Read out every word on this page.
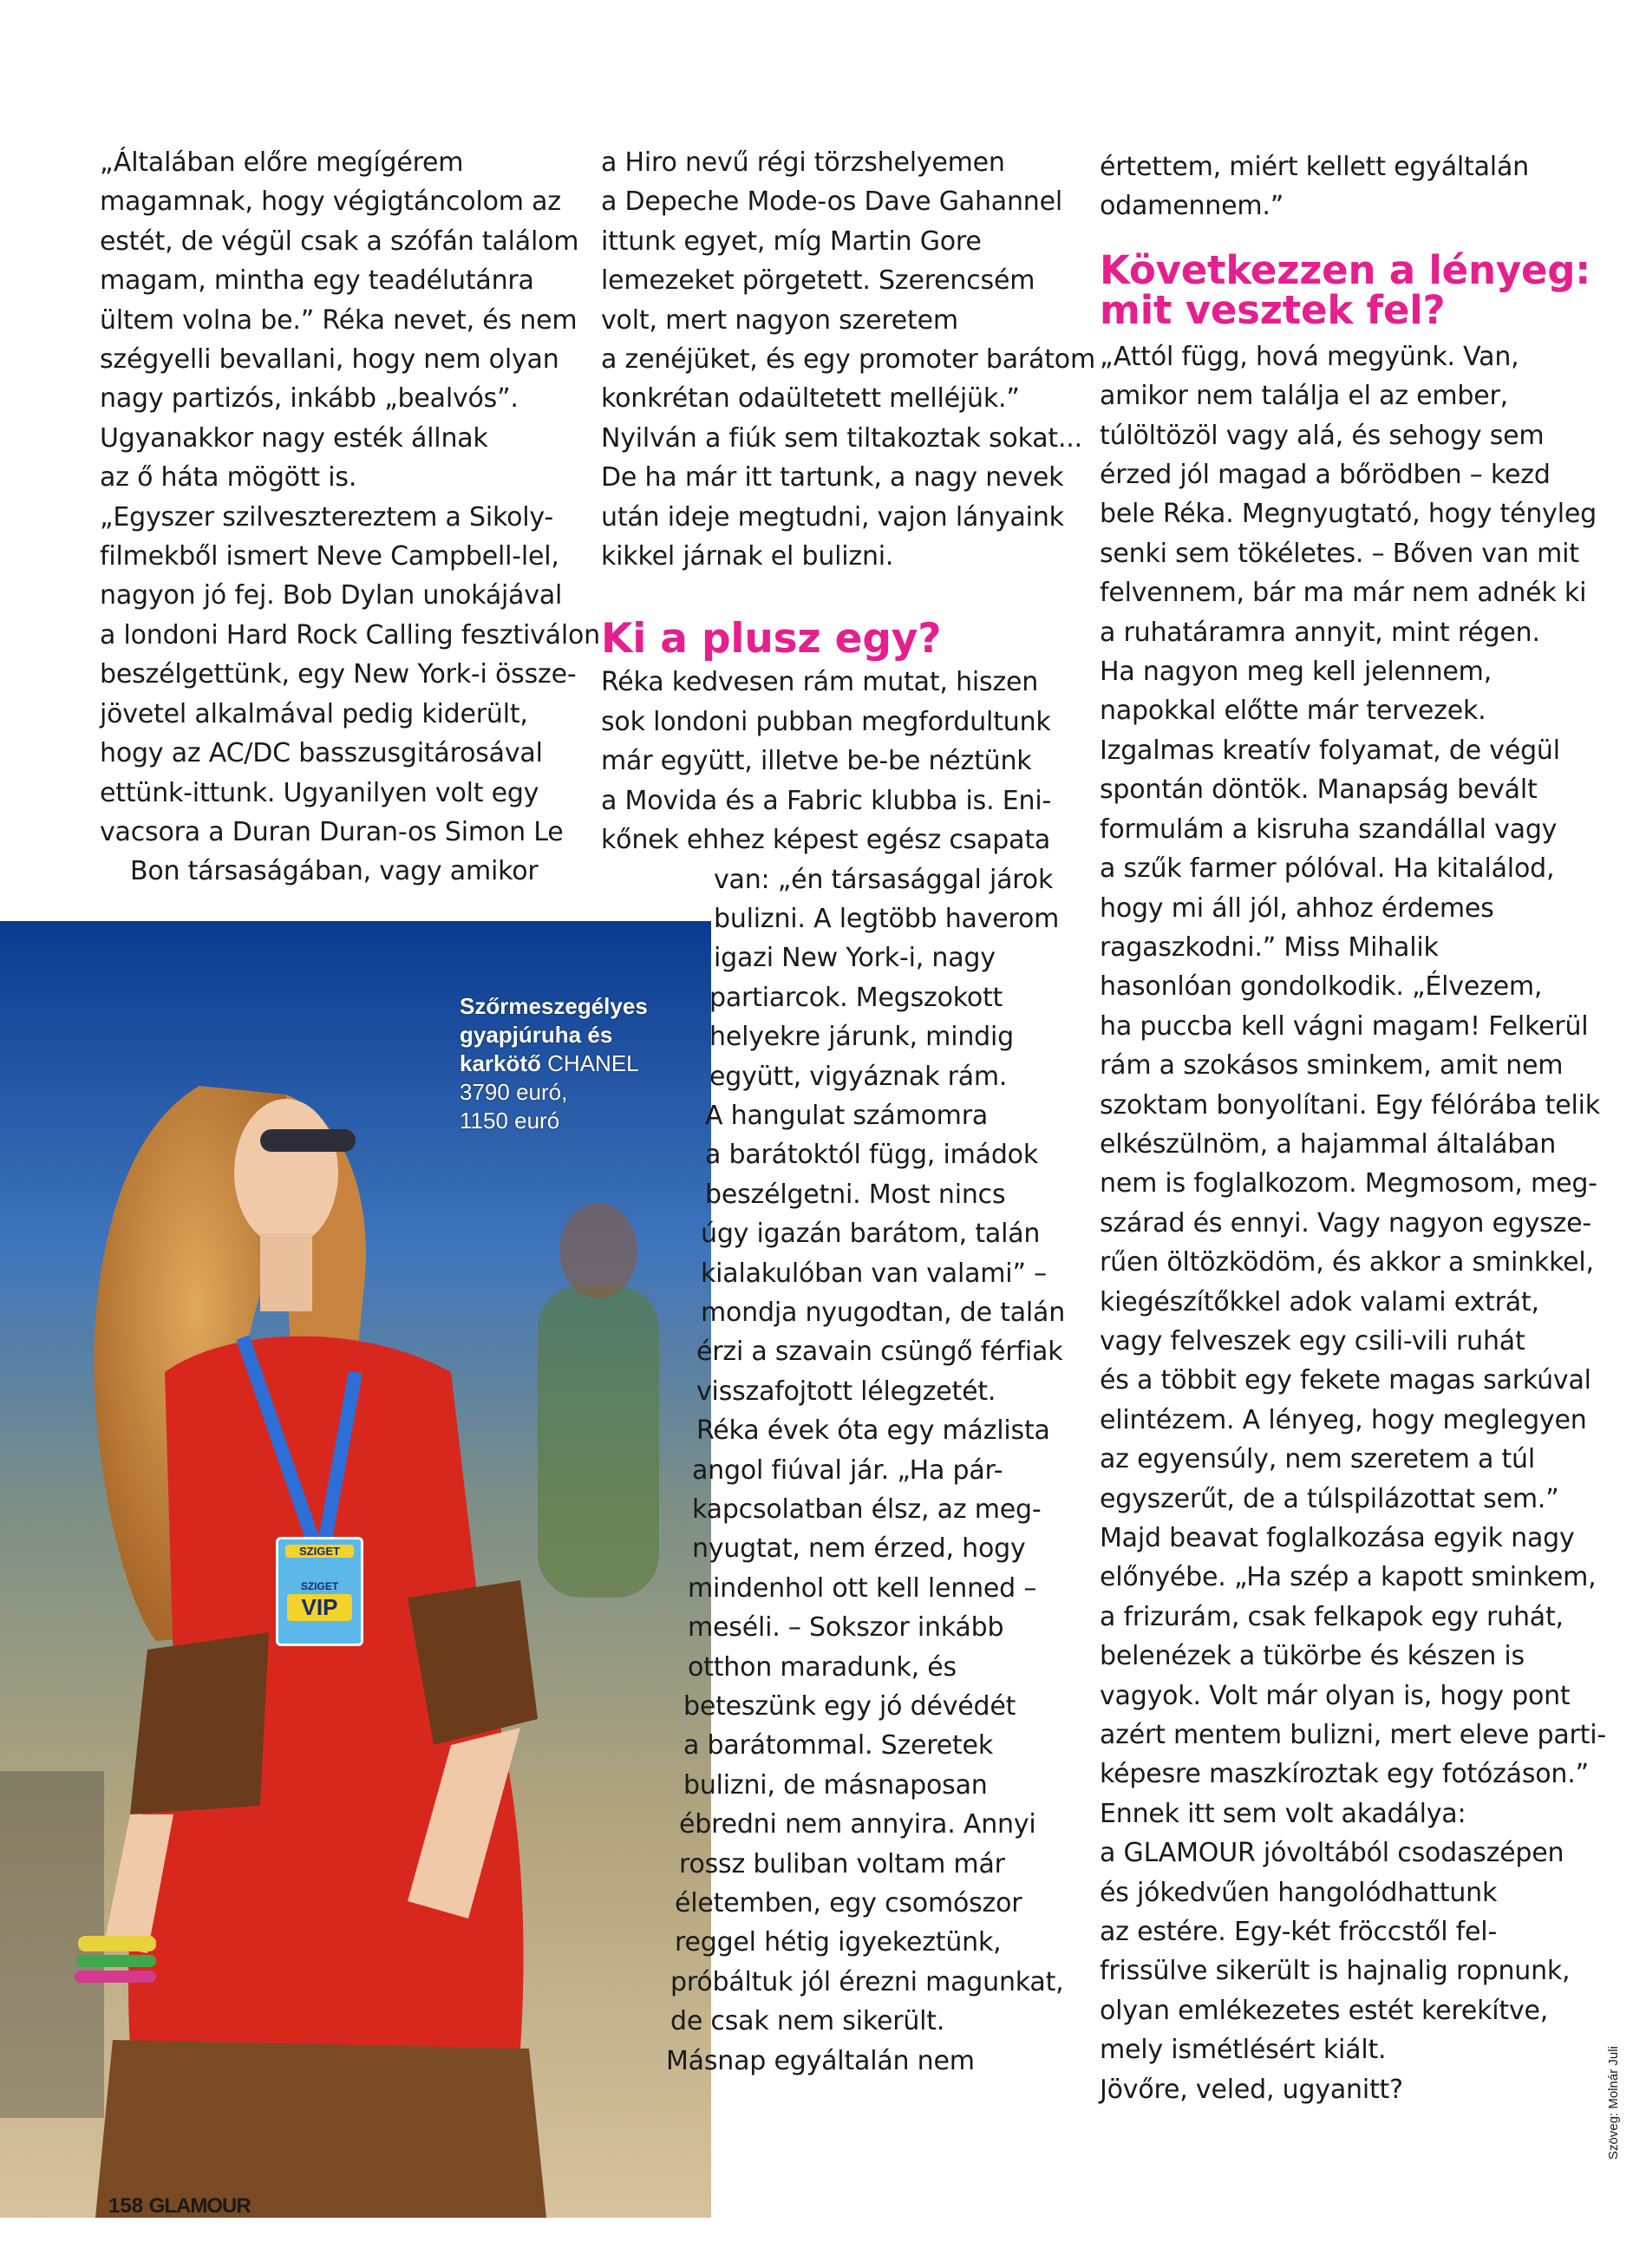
„Általában előre megígérem
magamnak, hogy végigtáncolom az
estét, de végül csak a szófán találom
magam, mintha egy teadélutánra
ültem volna be.” Réka nevet, és nem
szégyelli bevallani, hogy nem olyan
nagy partizós, inkább „bealvós”.
Ugyanakkor nagy esték állnak
az ő háta mögött is.
„Egyszer szilvesztereztem a Sikoly-
filmekből ismert Neve Campbell-lel,
nagyon jó fej. Bob Dylan unokájával
a londoni Hard Rock Calling fesztiválon
beszélgettünk, egy New York-i össze-
jövetel alkalmával pedig kiderült,
hogy az AC/DC basszusgitárosával
ettünk-ittunk. Ugyanilyen volt egy
vacsora a Duran Duran-os Simon Le
Bon társaságában, vagy amikor
SZIGET
SZIGET
VIP
Szőrmeszegélyes
gyapjúruha és
karkötő CHANEL
3790 euró,
1150 euró
a Hiro nevű régi törzshelyemen
a Depeche Mode-os Dave Gahannel
ittunk egyet, míg Martin Gore
lemezeket pörgetett. Szerencsém
volt, mert nagyon szeretem
a zenéjüket, és egy promoter barátom
konkrétan odaültetett melléjük.”
Nyilván a fiúk sem tiltakoztak sokat...
De ha már itt tartunk, a nagy nevek
után ideje megtudni, vajon lányaink
kikkel járnak el bulizni.
Ki a plusz egy?
Réka kedvesen rám mutat, hiszen
sok londoni pubban megfordultunk
már együtt, illetve be-be néztünk
a Movida és a Fabric klubba is. Eni-
kőnek ehhez képest egész csapata
van: „én társasággal járok
bulizni. A legtöbb haverom
igazi New York-i, nagy
partiarcok. Megszokott
helyekre járunk, mindig
együtt, vigyáznak rám.
A hangulat számomra
a barátoktól függ, imádok
beszélgetni. Most nincs
úgy igazán barátom, talán
kialakulóban van valami” –
mondja nyugodtan, de talán
érzi a szavain csüngő férfiak
visszafojtott lélegzetét.
Réka évek óta egy mázlista
angol fiúval jár. „Ha pár-
kapcsolatban élsz, az meg-
nyugtat, nem érzed, hogy
mindenhol ott kell lenned –
meséli. – Sokszor inkább
otthon maradunk, és
beteszünk egy jó dévédét
a barátommal. Szeretek
bulizni, de másnaposan
ébredni nem annyira. Annyi
rossz buliban voltam már
életemben, egy csomószor
reggel hétig igyekeztünk,
próbáltuk jól érezni magunkat,
de csak nem sikerült.
Másnap egyáltalán nem
értettem, miért kellett egyáltalán
odamennem.”
Következzen a lényeg:
mit vesztek fel?
„Attól függ, hová megyünk. Van,
amikor nem találja el az ember,
túlöltözöl vagy alá, és sehogy sem
érzed jól magad a bőrödben – kezd
bele Réka. Megnyugtató, hogy tényleg
senki sem tökéletes. – Bőven van mit
felvennem, bár ma már nem adnék ki
a ruhatáramra annyit, mint régen.
Ha nagyon meg kell jelennem,
napokkal előtte már tervezek.
Izgalmas kreatív folyamat, de végül
spontán döntök. Manapság bevált
formulám a kisruha szandállal vagy
a szűk farmer pólóval. Ha kitalálod,
hogy mi áll jól, ahhoz érdemes
ragaszkodni.” Miss Mihalik
hasonlóan gondolkodik. „Élvezem,
ha puccba kell vágni magam! Felkerül
rám a szokásos sminkem, amit nem
szoktam bonyolítani. Egy félórába telik
elkészülnöm, a hajammal általában
nem is foglalkozom. Megmosom, meg-
szárad és ennyi. Vagy nagyon egysze-
rűen öltözködöm, és akkor a sminkkel,
kiegészítőkkel adok valami extrát,
vagy felveszek egy csili-vili ruhát
és a többit egy fekete magas sarkúval
elintézem. A lényeg, hogy meglegyen
az egyensúly, nem szeretem a túl
egyszerűt, de a túlspilázottat sem.”
Majd beavat foglalkozása egyik nagy
előnyébe. „Ha szép a kapott sminkem,
a frizurám, csak felkapok egy ruhát,
belenézek a tükörbe és készen is
vagyok. Volt már olyan is, hogy pont
azért mentem bulizni, mert eleve parti-
képesre maszkíroztak egy fotózáson.”
Ennek itt sem volt akadálya:
a GLAMOUR jóvoltából csodaszépen
és jókedvűen hangolódhattunk
az estére. Egy-két fröccstől fel-
frissülve sikerült is hajnalig ropnunk,
olyan emlékezetes estét kerekítve,
mely ismétlésért kiált.
Jövőre, veled, ugyanitt?
158 GLAMOUR
Szöveg: Molnár Juli
